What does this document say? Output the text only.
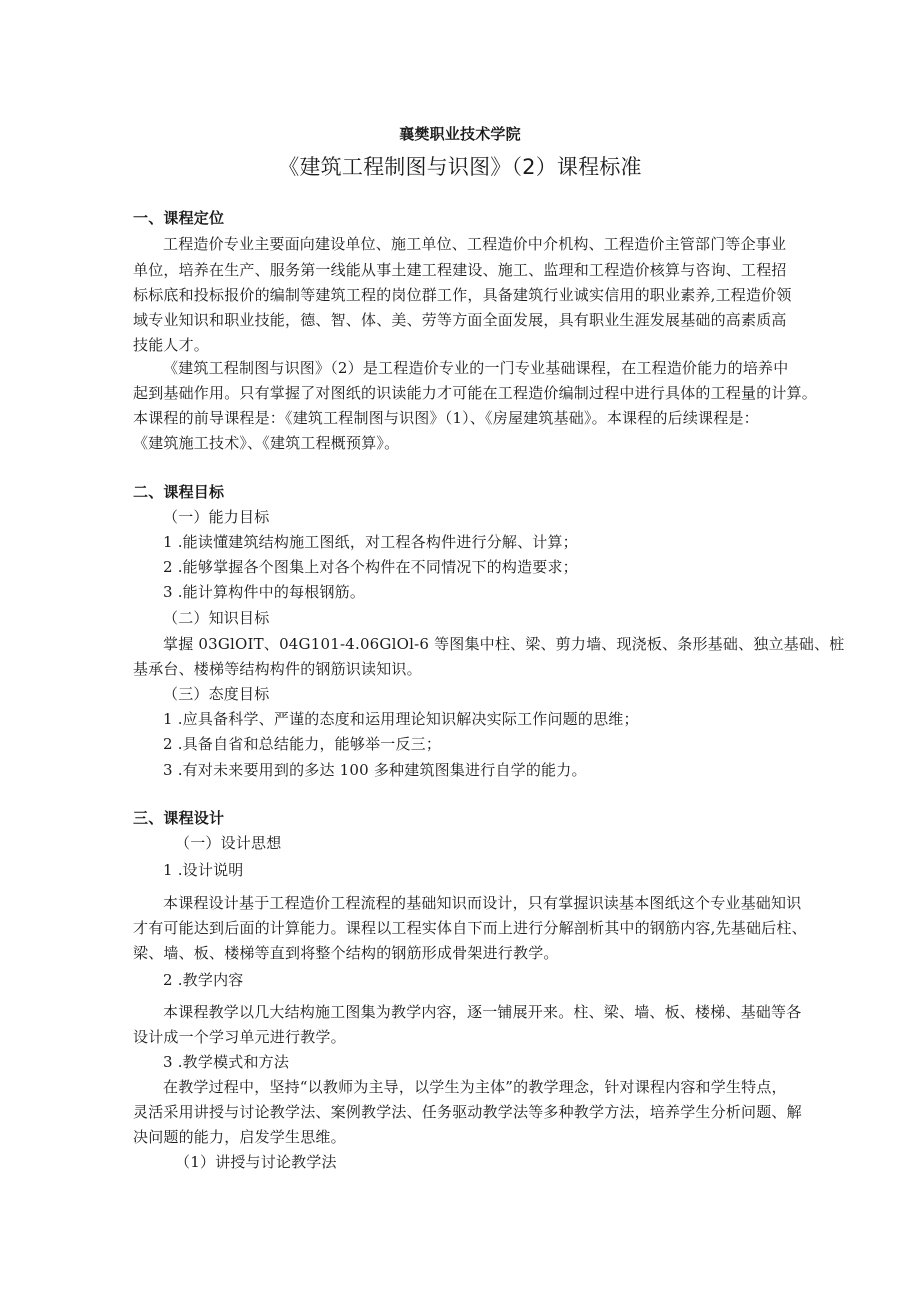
襄樊职业技术学院
《建筑工程制图与识图》（2）课程标准
一、课程定位
工程造价专业主要面向建设单位、施工单位、工程造价中介机构、工程造价主管部门等企事业
单位，培养在生产、服务第一线能从事土建工程建设、施工、监理和工程造价核算与咨询、工程招
标标底和投标报价的编制等建筑工程的岗位群工作，具备建筑行业诚实信用的职业素养,工程造价领
域专业知识和职业技能，德、智、体、美、劳等方面全面发展，具有职业生涯发展基础的高素质高
技能人才。
《建筑工程制图与识图》（2）是工程造价专业的一门专业基础课程，在工程造价能力的培养中
起到基础作用。只有掌握了对图纸的识读能力才可能在工程造价编制过程中进行具体的工程量的计算。
本课程的前导课程是：《建筑工程制图与识图》（1）、《房屋建筑基础》。本课程的后续课程是：
《建筑施工技术》、《建筑工程概预算》。
二、课程目标
（一）能力目标
1 .能读懂建筑结构施工图纸，对工程各构件进行分解、计算；
2 .能够掌握各个图集上对各个构件在不同情况下的构造要求；
3 .能计算构件中的每根钢筋。
（二）知识目标
掌握 03GlOIT、04G101-4.06GlOl-6 等图集中柱、梁、剪力墙、现浇板、条形基础、独立基础、桩
基承台、楼梯等结构构件的钢筋识读知识。
（三）态度目标
1 .应具备科学、严谨的态度和运用理论知识解决实际工作问题的思维；
2 .具备自省和总结能力，能够举一反三；
3 .有对未来要用到的多达 100 多种建筑图集进行自学的能力。
三、课程设计
（一）设计思想
1 .设计说明
本课程设计基于工程造价工程流程的基础知识而设计，只有掌握识读基本图纸这个专业基础知识
才有可能达到后面的计算能力。课程以工程实体自下而上进行分解剖析其中的钢筋内容,先基础后柱、
梁、墙、板、楼梯等直到将整个结构的钢筋形成骨架进行教学。
2 .教学内容
本课程教学以几大结构施工图集为教学内容，逐一铺展开来。柱、梁、墙、板、楼梯、基础等各
设计成一个学习单元进行教学。
3 .教学模式和方法
在教学过程中，坚持“以教师为主导，以学生为主体”的教学理念，针对课程内容和学生特点，
灵活采用讲授与讨论教学法、案例教学法、任务驱动教学法等多种教学方法，培养学生分析问题、解
决问题的能力，启发学生思维。
（1）讲授与讨论教学法
